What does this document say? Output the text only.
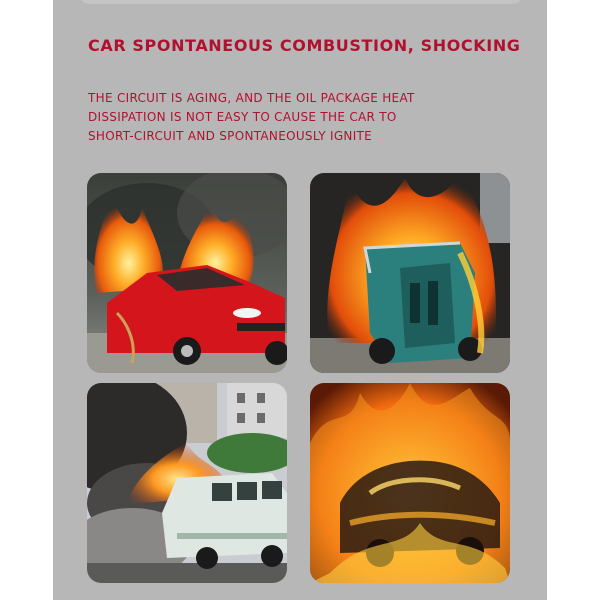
CAR SPONTANEOUS COMBUSTION, SHOCKING

THE CIRCUIT IS AGING, AND THE OIL PACKAGE HEAT
DISSIPATION IS NOT EASY TO CAUSE THE CAR TO
SHORT-CIRCUIT AND SPONTANEOUSLY IGNITE
